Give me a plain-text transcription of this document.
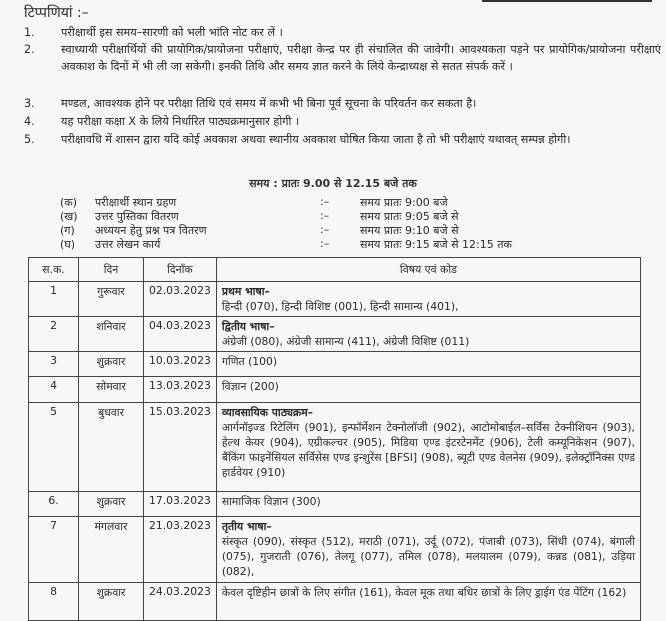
टिप्पणियां :–
1.	परीक्षार्थी इस समय–सारणी को भली भांति नोट कर लें ।
2.	स्वाध्यायी परीक्षार्थियों की प्रायोगिक/प्रायोजना परीक्षाएं, परीक्षा केन्द्र पर ही संचालित की जावेगी। आवश्यकता पड़ने पर प्रायोगिक/प्रायोजना परीक्षाएं अवकाश के दिनों में भी ली जा सकेगी। इनकी तिथि और समय ज्ञात करने के लिये केन्द्राध्यक्ष से सतत संपर्क करें ।
3.	मण्डल, आवश्यक होने पर परीक्षा तिथि एवं समय में कभी भी बिना पूर्व सूचना के परिवर्तन कर सकता है।
4.	यह परीक्षा कक्षा X के लिये निर्धारित पाठ्यक्रमानुसार होगी ।
5.	परीक्षावधि में शासन द्वारा यदि कोई अवकाश अथवा स्थानीय अवकाश घोषित किया जाता है तो भी परीक्षाएं यथावत् सम्पन्न होगी।
समय : प्रातः 9.00 से 12.15 बजे तक
(क) परीक्षार्थी स्थान ग्रहण	:–	समय प्रातः 9:00 बजे
(ख) उत्तर पुस्तिका वितरण	:–	समय प्रातः 9:05 बजे से
(ग) अध्ययन हेतु प्रश्न पत्र वितरण	:–	समय प्रातः 9:10 बजे से
(घ) उत्तर लेखन कार्य	:–	समय प्रातः 9:15 बजे से 12:15 तक
स.क.	दिन	दिनाँक	विषय एवं कोड
1	गुरूवार	02.03.2023	प्रथम भाषा–
हिन्दी (070), हिन्दी विशिष्ट (001), हिन्दी सामान्य (401),

2	शनिवार	04.03.2023	द्वितीय भाषा–
अंग्रेजी (080), अंग्रेजी सामान्य (411), अंग्रेजी विशिष्ट (011)

3	शुक्रवार	10.03.2023	गणित (100)
4	सोमवार	13.03.2023	विज्ञान (200)
5	बुधवार	15.03.2023	व्यावसायिक पाठ्यक्रम–
आर्गनॉइज्ड रिटेलिंग (901), इन्फॉर्मेशन टेक्नोलॉजी (902), आटोमोबाईल–सर्विस टेक्नीशियन (903), हेल्थ केयर (904), एग्रीकल्चर (905), मिडिया एण्ड इंटरटेनमेंट (906), टेली कम्यूनिकेशन (907), बैंकिंग फाइनेंसियल सर्विसेस एण्ड इन्शुरेंस [BFSI] (908), ब्यूटी एण्ड वेलनेस (909), इलेक्ट्रॉनिक्स एण्ड हार्डवेयर (910)

6.	शुक्रवार	17.03.2023	सामाजिक विज्ञान (300)
7	मंगलवार	21.03.2023	तृतीय भाषा–
संस्कृत (090), संस्कृत (512), मराठी (071), उर्दू (072), पंजाबी (073), सिंधी (074), बंगाली (075), गुजराती (076), तेलगू (077), तमिल (078), मलयालम (079), कन्नड (081), उड़िया (082),

8	शुक्रवार	24.03.2023	केवल दृष्टिहीन छात्रों के लिए संगीत (161), केवल मूक तथा बधिर छात्रों के लिए ड्राईग एंड पेंटिंग (162)
